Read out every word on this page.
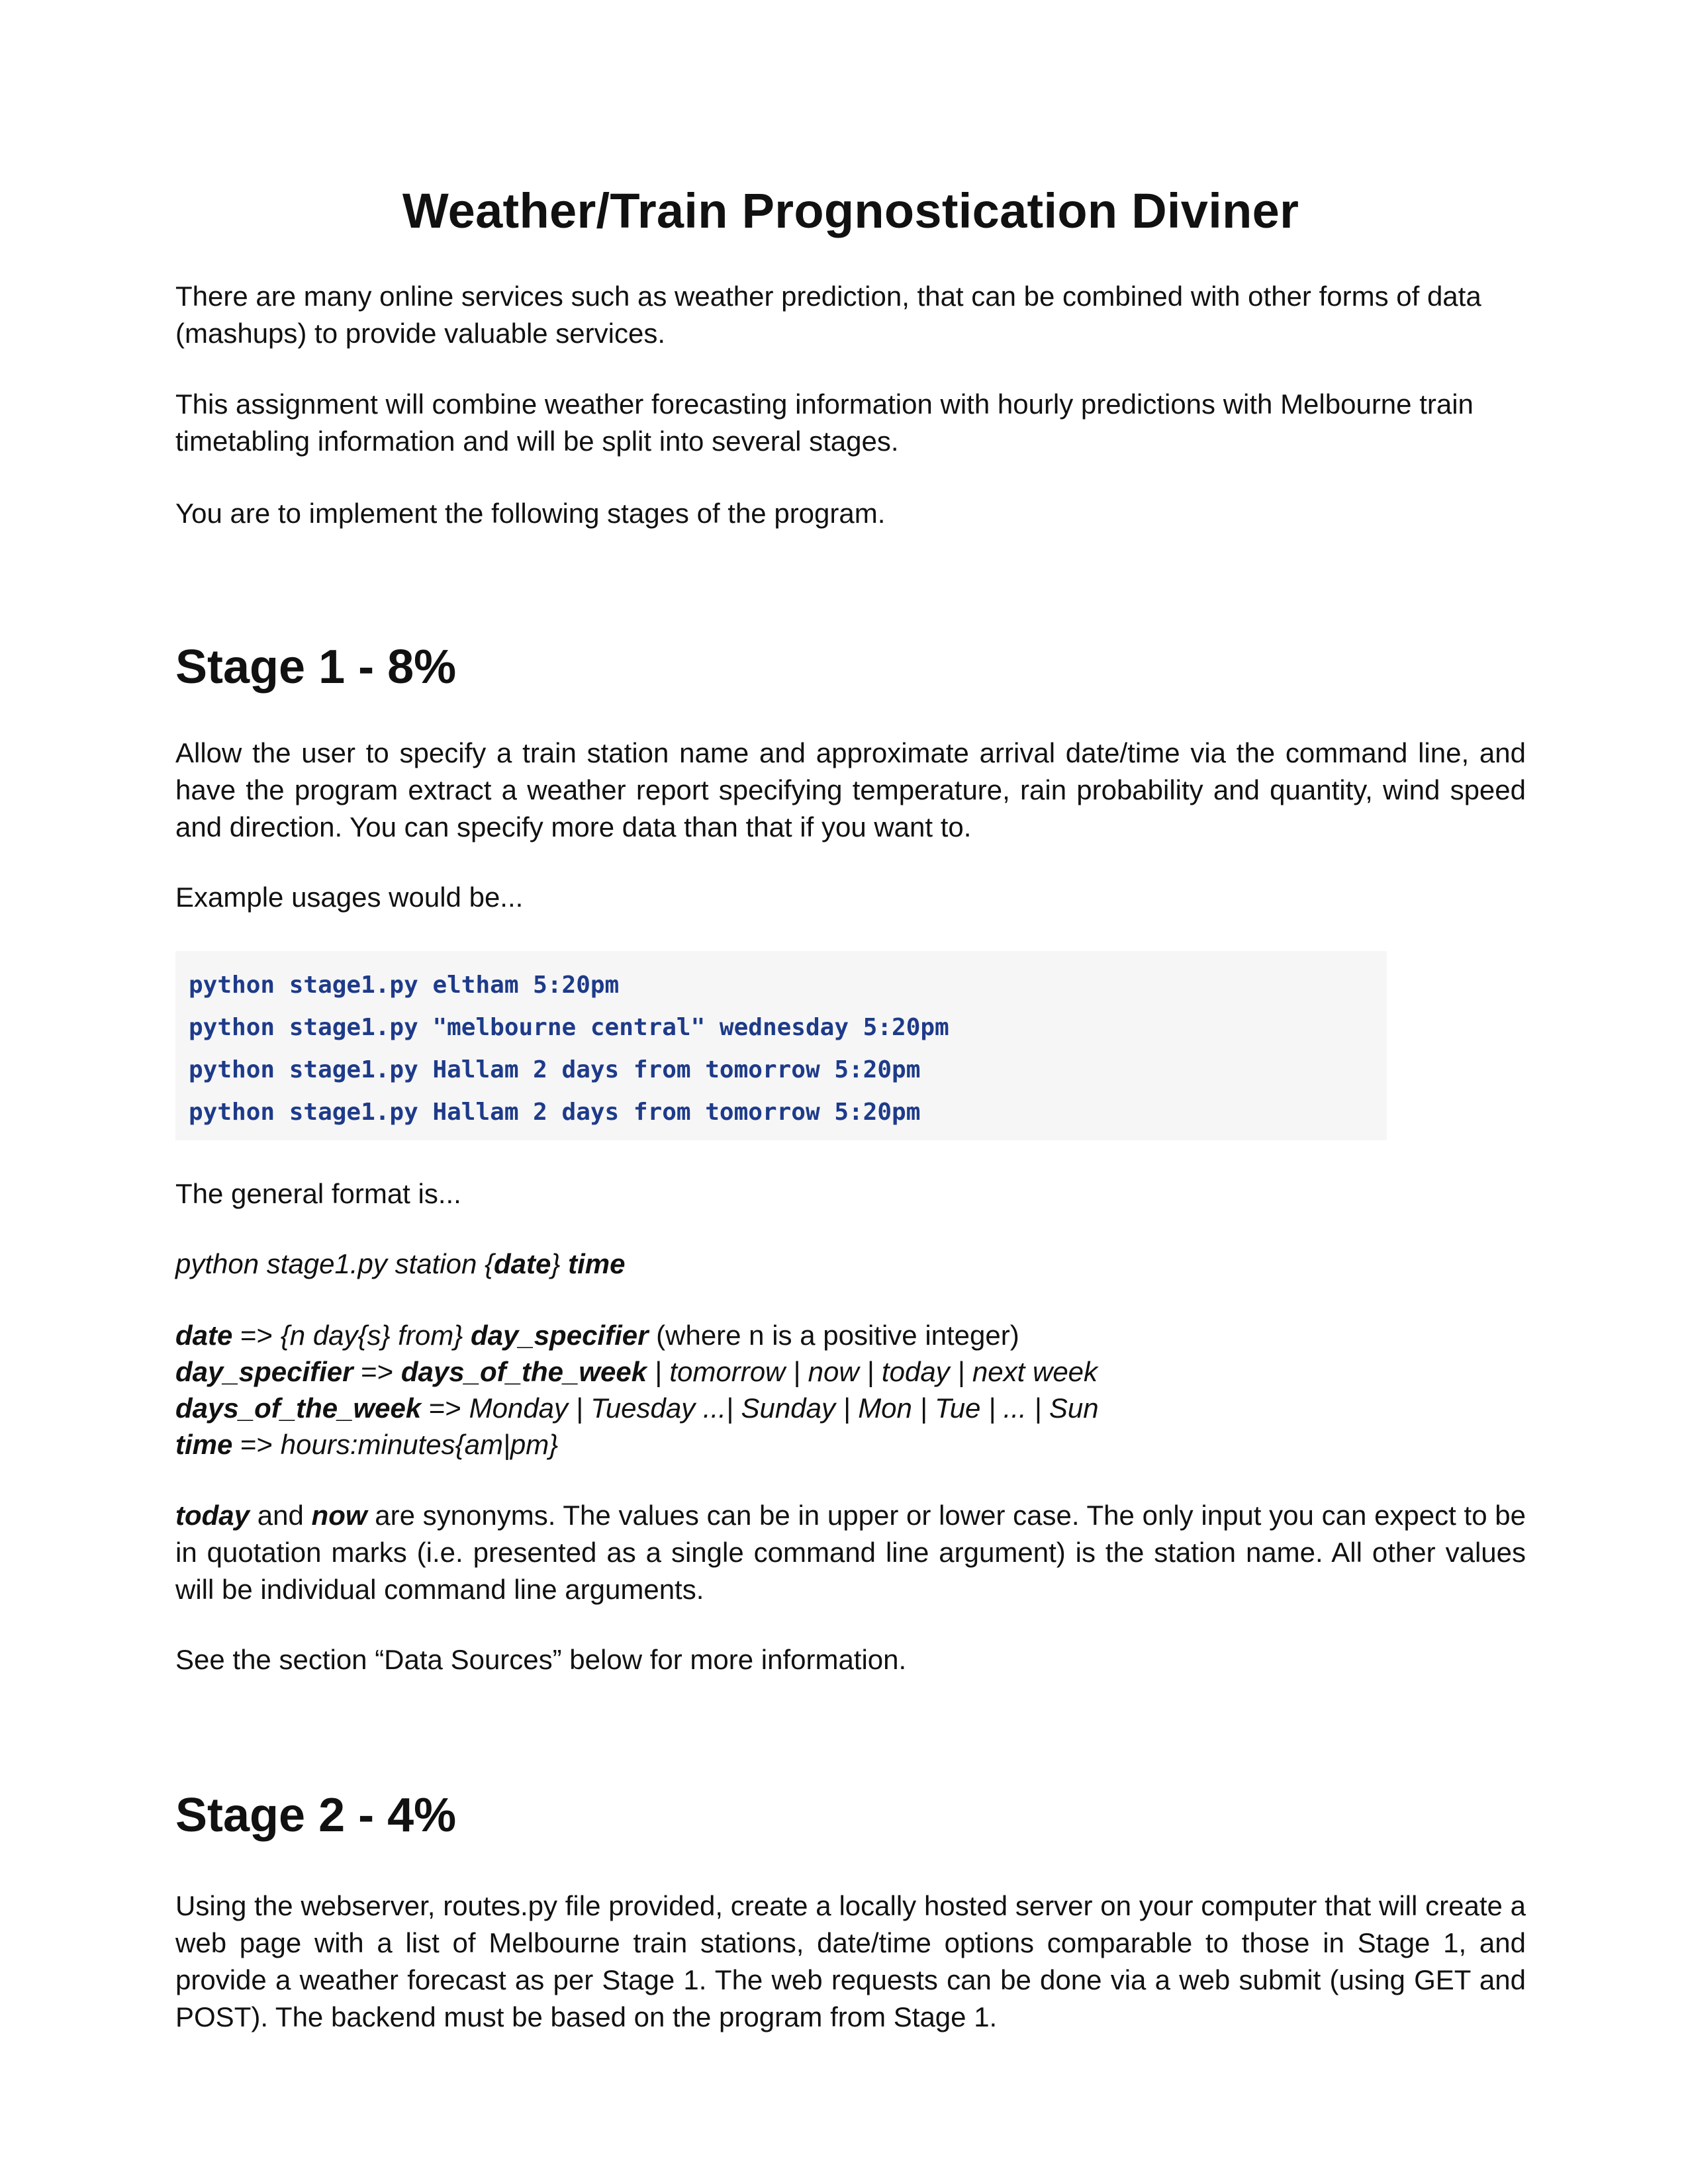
Weather/Train Prognostication Diviner

There are many online services such as weather prediction, that can be combined with other forms of data (mashups) to provide valuable services.

This assignment will combine weather forecasting information with hourly predictions with Melbourne train timetabling information and will be split into several stages.

You are to implement the following stages of the program.

Stage 1 - 8%

Allow the user to specify a train station name and approximate arrival date/time via the command line, and have the program extract a weather report specifying temperature, rain probability and quantity, wind speed and direction. You can specify more data than that if you want to.

Example usages would be...

python stage1.py eltham 5:20pm
python stage1.py "melbourne central" wednesday 5:20pm
python stage1.py Hallam 2 days from tomorrow 5:20pm
python stage1.py Hallam 2 days from tomorrow 5:20pm

The general format is...

python stage1.py station {date} time

date => {n day{s} from} day_specifier (where n is a positive integer)
day_specifier => days_of_the_week | tomorrow | now | today | next week
days_of_the_week => Monday | Tuesday ...| Sunday | Mon | Tue | ... | Sun
time => hours:minutes{am|pm}

today and now are synonyms. The values can be in upper or lower case. The only input you can expect to be in quotation marks (i.e. presented as a single command line argument) is the station name. All other values will be individual command line arguments.

See the section “Data Sources” below for more information.

Stage 2 - 4%

Using the webserver, routes.py file provided, create a locally hosted server on your computer that will create a web page with a list of Melbourne train stations, date/time options comparable to those in Stage 1, and provide a weather forecast as per Stage 1. The web requests can be done via a web submit (using GET and POST). The backend must be based on the program from Stage 1.
